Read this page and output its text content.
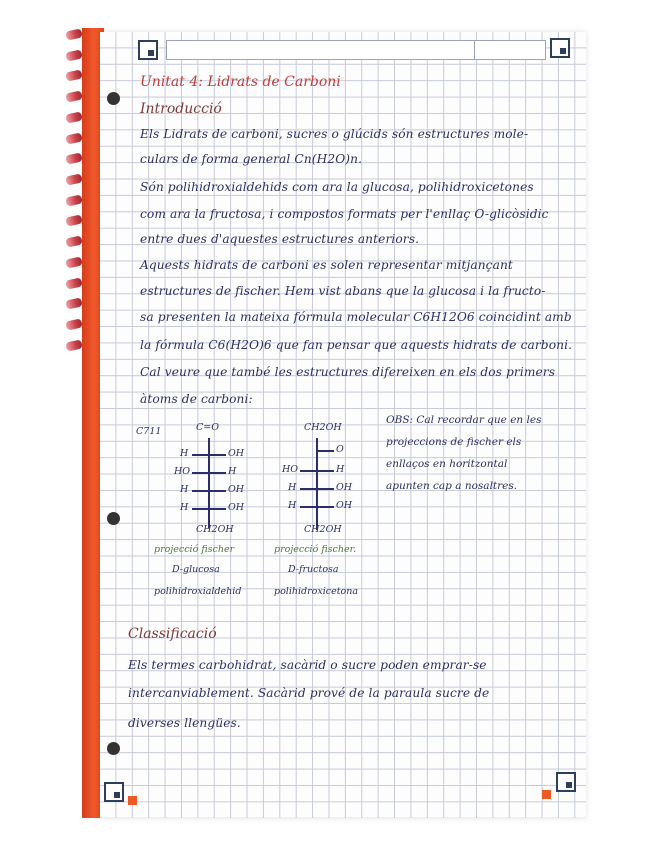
Unitat 4: Lidrats de Carboni

Introducció

Els Lidrats de carboni, sucres o glúcids són estructures mole-

culars de forma general Cn(H2O)n.

Són polihidroxialdehids com ara la glucosa, polihidroxicetones

com ara la fructosa, i compostos formats per l'enllaç O-glicòsidic

entre dues d'aquestes estructures anteriors.

Aquests hidrats de carboni es solen representar mitjançant

estructures de fischer. Hem vist abans que la glucosa i la fructo-

sa presenten la mateixa fórmula molecular C6H12O6 coincidint amb

la fórmula C6(H2O)6 que fan pensar que aquests hidrats de carboni.

Cal veure que també les estructures difereixen en els dos primers

àtoms de carboni:

C711	C=O
H	OH
HO	H
H	OH
H	OH
CH2OH
projecció fischer
D-glucosa
polihidroxialdehid
CH2OH
O
HO	H
H	OH
H	OH
CH2OH
projecció fischer.
D-fructosa
polihidroxicetona
OBS: Cal recordar que en les
projeccions de fischer els
enllaços en horitzontal
apunten cap a nosaltres.

Classificació

Els termes carbohidrat, sacàrid o sucre poden emprar-se

intercanviablement. Sacàrid prové de la paraula sucre de

diverses llengües.
